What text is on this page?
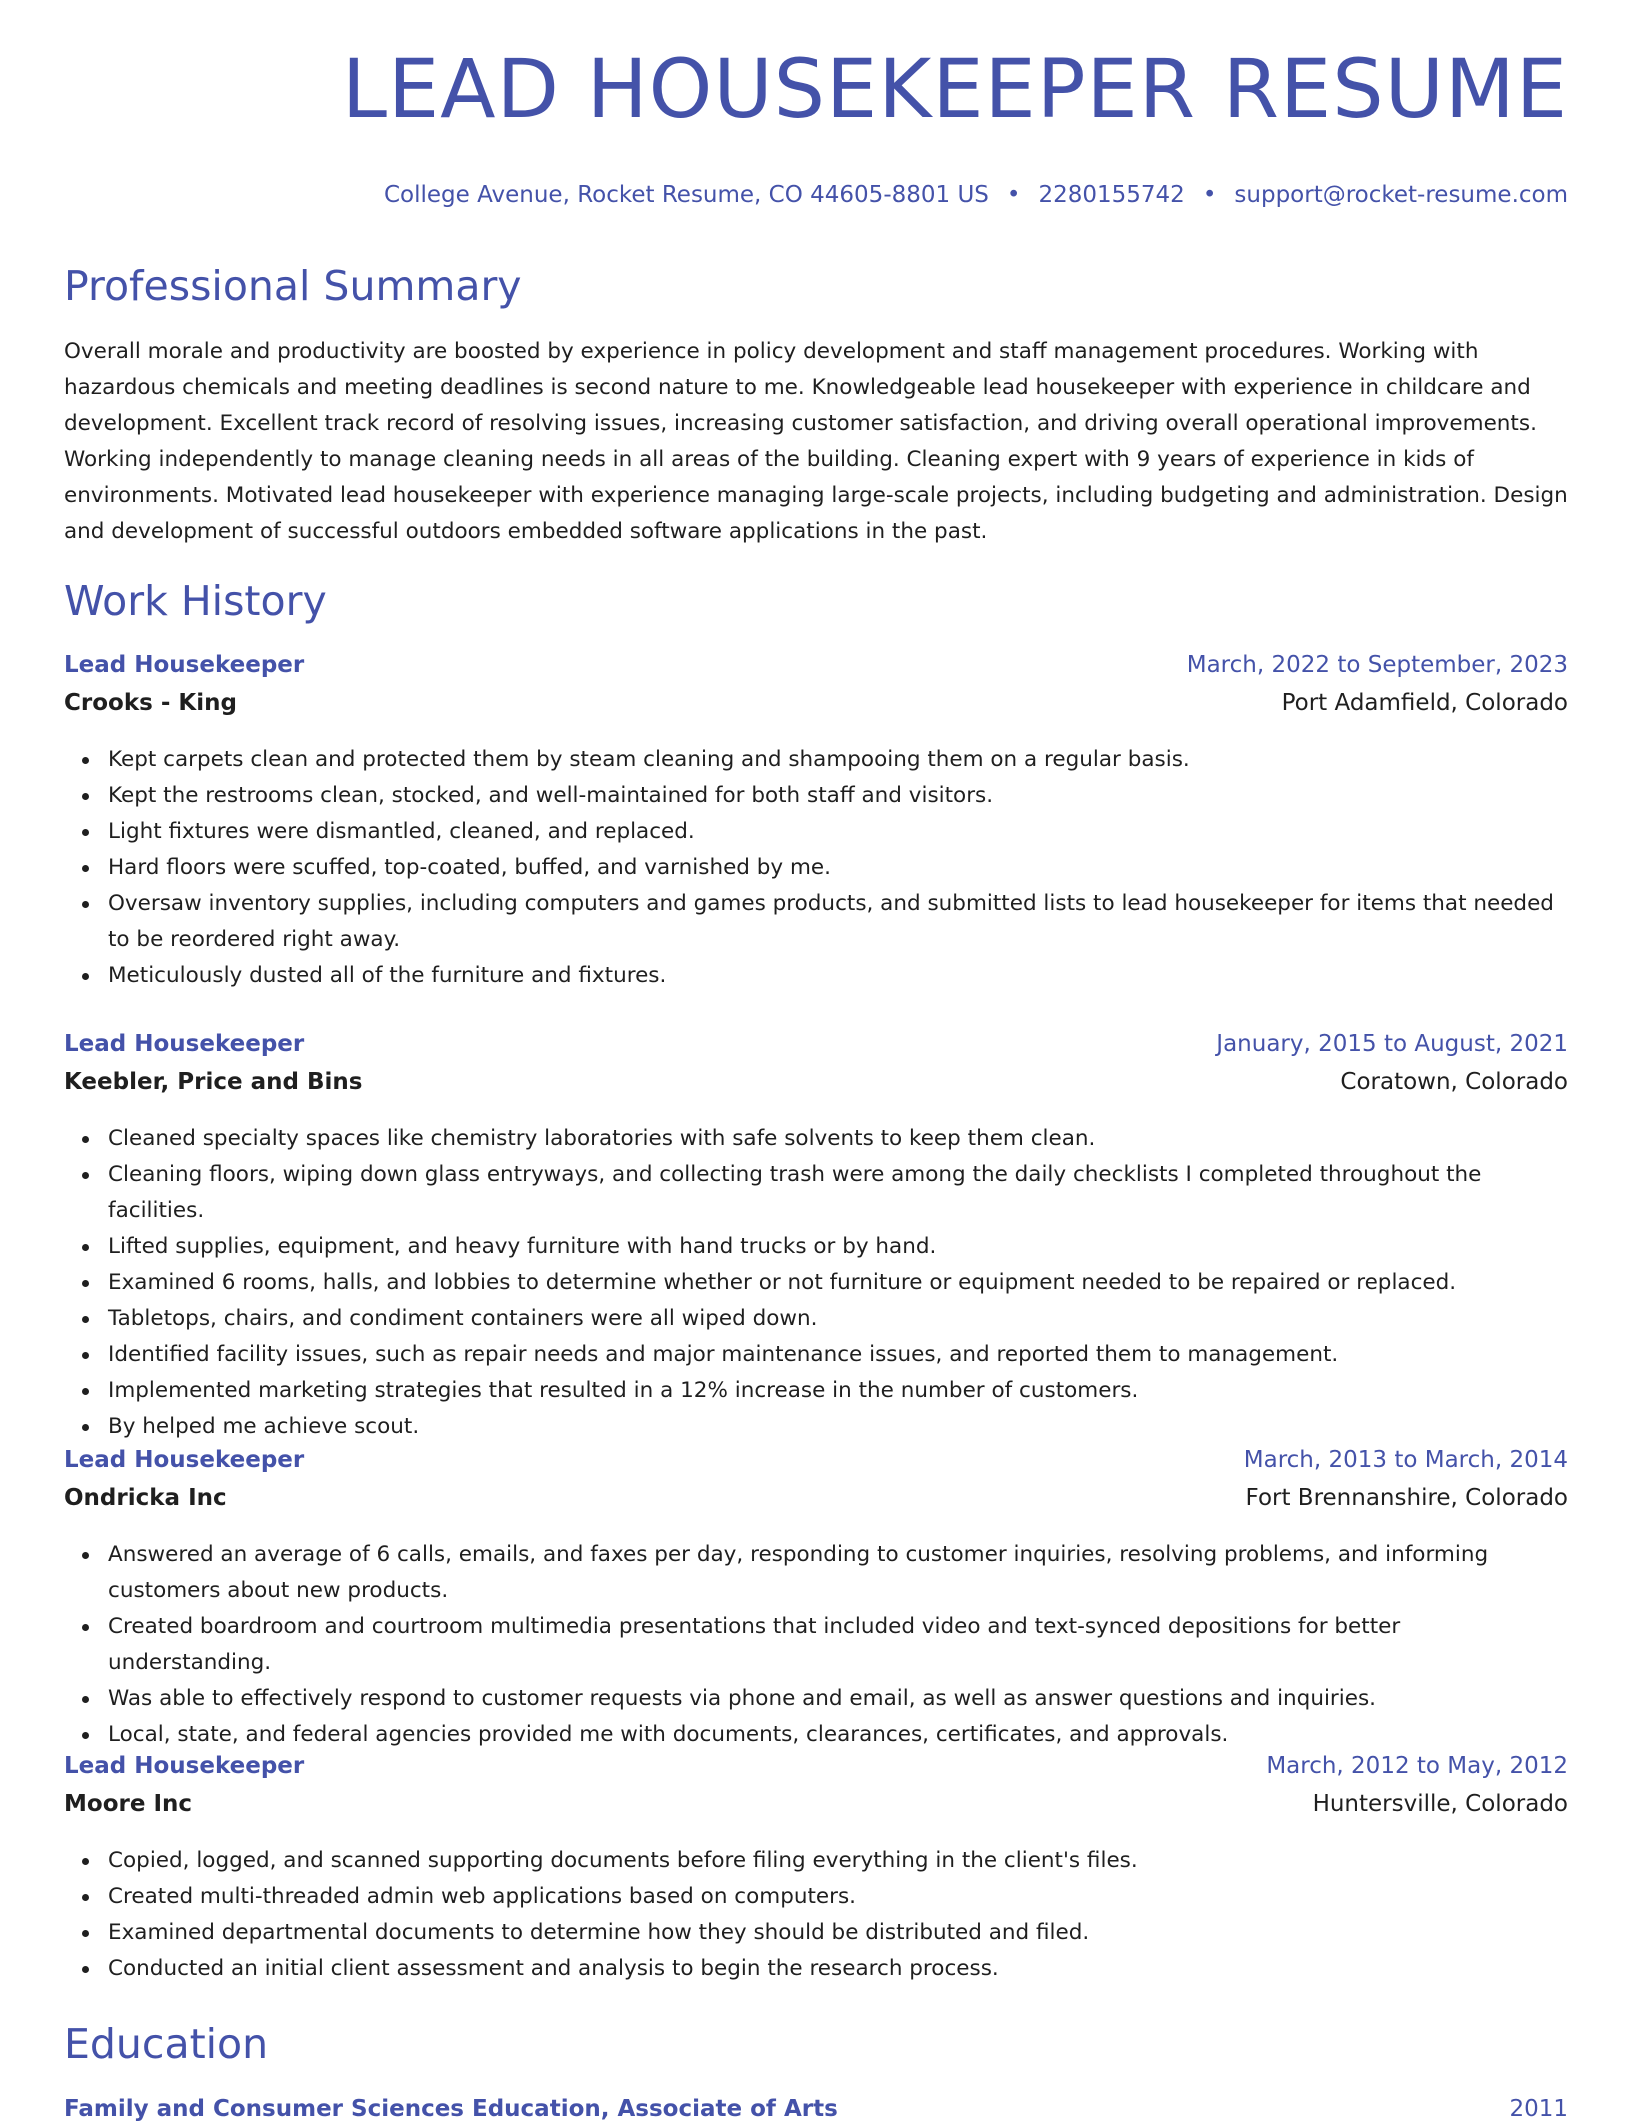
LEAD HOUSEKEEPER RESUME
College Avenue, Rocket Resume, CO 44605-8801 US • 2280155742 • support@rocket-resume.com
Professional Summary

Overall morale and productivity are boosted by experience in policy development and staff management procedures. Working with hazardous chemicals and meeting deadlines is second nature to me. Knowledgeable lead housekeeper with experience in childcare and development. Excellent track record of resolving issues, increasing customer satisfaction, and driving overall operational improvements. Working independently to manage cleaning needs in all areas of the building. Cleaning expert with 9 years of experience in kids of environments. Motivated lead housekeeper with experience managing large-scale projects, including budgeting and administration. Design and development of successful outdoors embedded software applications in the past.

Work History
Lead Housekeeper	March, 2022 to September, 2023
Crooks - King	Port Adamfield, Colorado
Kept carpets clean and protected them by steam cleaning and shampooing them on a regular basis.
Kept the restrooms clean, stocked, and well-maintained for both staff and visitors.
Light fixtures were dismantled, cleaned, and replaced.
Hard floors were scuffed, top-coated, buffed, and varnished by me.
Oversaw inventory supplies, including computers and games products, and submitted lists to lead housekeeper for items that needed to be reordered right away.
Meticulously dusted all of the furniture and fixtures.
Lead Housekeeper	January, 2015 to August, 2021
Keebler, Price and Bins	Coratown, Colorado
Cleaned specialty spaces like chemistry laboratories with safe solvents to keep them clean.
Cleaning floors, wiping down glass entryways, and collecting trash were among the daily checklists I completed throughout the facilities.
Lifted supplies, equipment, and heavy furniture with hand trucks or by hand.
Examined 6 rooms, halls, and lobbies to determine whether or not furniture or equipment needed to be repaired or replaced.
Tabletops, chairs, and condiment containers were all wiped down.
Identified facility issues, such as repair needs and major maintenance issues, and reported them to management.
Implemented marketing strategies that resulted in a 12% increase in the number of customers.
By helped me achieve scout.
Lead Housekeeper	March, 2013 to March, 2014
Ondricka Inc	Fort Brennanshire, Colorado
Answered an average of 6 calls, emails, and faxes per day, responding to customer inquiries, resolving problems, and informing customers about new products.
Created boardroom and courtroom multimedia presentations that included video and text-synced depositions for better understanding.
Was able to effectively respond to customer requests via phone and email, as well as answer questions and inquiries.
Local, state, and federal agencies provided me with documents, clearances, certificates, and approvals.
Lead Housekeeper	March, 2012 to May, 2012
Moore Inc	Huntersville, Colorado
Copied, logged, and scanned supporting documents before filing everything in the client's files.
Created multi-threaded admin web applications based on computers.
Examined departmental documents to determine how they should be distributed and filed.
Conducted an initial client assessment and analysis to begin the research process.
Education
Family and Consumer Sciences Education, Associate of Arts	2011
